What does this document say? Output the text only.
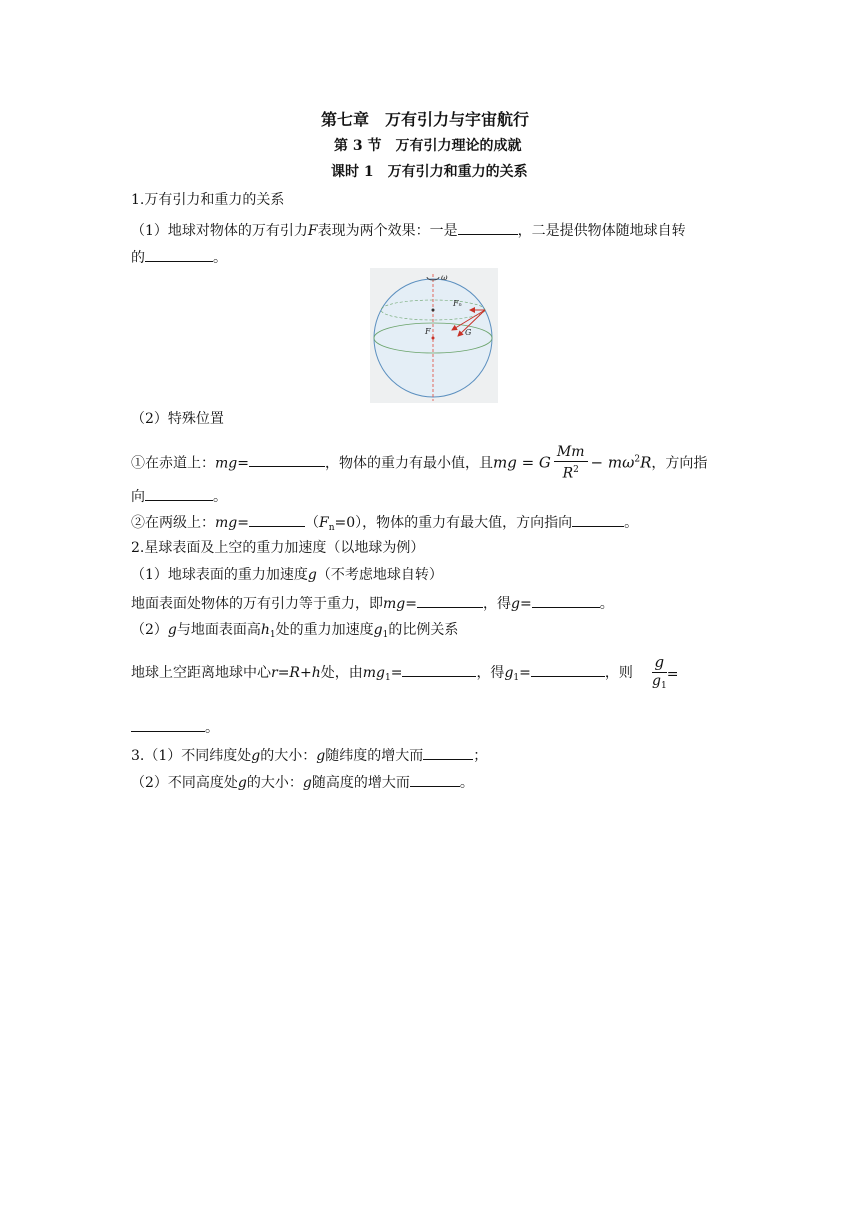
第七章　万有引力与宇宙航行
第 3 节　万有引力理论的成就
课时 1　万有引力和重力的关系
1.万有引力和重力的关系
（1）地球对物体的万有引力F表现为两个效果：一是	，二是提供物体随地球自转
的	。
ω
Fₙ
F	G
（2）特殊位置
①在赤道上：mg=	，物体的重力有最小值，且mg = G $\frac{Mm}{R^2} - m\omega^2R$，方向指
向	。
②在两级上：mg=	$(F_n=0)$，物体的重力有最大值，方向指向	。
2.星球表面及上空的重力加速度（以地球为例）
（1）地球表面的重力加速度g（不考虑地球自转）
地面表面处物体的万有引力等于重力，即mg=	，得g=	。
（2）g与地面表面高$h_1$处的重力加速度$g_1$的比例关系
地球上空距离地球中心r=R+h处，由$mg_1=$	，得$g_1=$	，则 $\frac{g}{g_1}$ =
。
3.（1）不同纬度处g的大小：g随纬度的增大而	；
（2）不同高度处g的大小：g随高度的增大而	。
